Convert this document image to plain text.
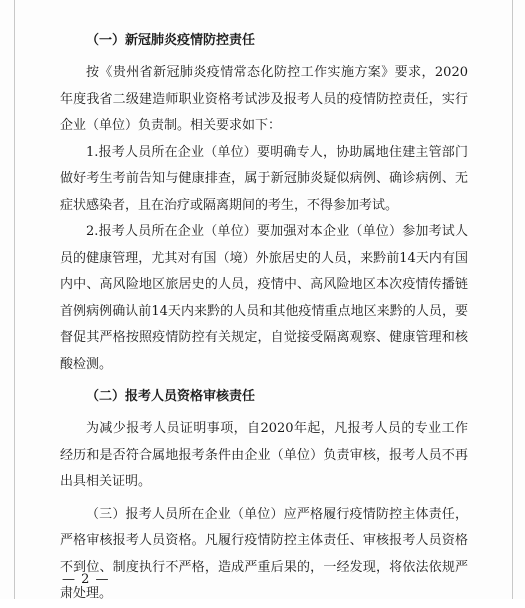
（一）新冠肺炎疫情防控责任

按《贵州省新冠肺炎疫情常态化防控工作实施方案》要求，2020年度我省二级建造师职业资格考试涉及报考人员的疫情防控责任，实行企业（单位）负责制。相关要求如下：

1.报考人员所在企业（单位）要明确专人，协助属地住建主管部门做好考生考前告知与健康排查，属于新冠肺炎疑似病例、确诊病例、无症状感染者，且在治疗或隔离期间的考生，不得参加考试。

2.报考人员所在企业（单位）要加强对本企业（单位）参加考试人员的健康管理，尤其对有国（境）外旅居史的人员，来黔前14天内有国内中、高风险地区旅居史的人员，疫情中、高风险地区本次疫情传播链首例病例确认前14天内来黔的人员和其他疫情重点地区来黔的人员，要督促其严格按照疫情防控有关规定，自觉接受隔离观察、健康管理和核酸检测。

（二）报考人员资格审核责任

为减少报考人员证明事项，自2020年起，凡报考人员的专业工作经历和是否符合属地报考条件由企业（单位）负责审核，报考人员不再出具相关证明。

（三）报考人员所在企业（单位）应严格履行疫情防控主体责任，严格审核报考人员资格。凡履行疫情防控主体责任、审核报考人员资格不到位、制度执行不严格，造成严重后果的，一经发现，将依法依规严肃处理。

— 2 —
